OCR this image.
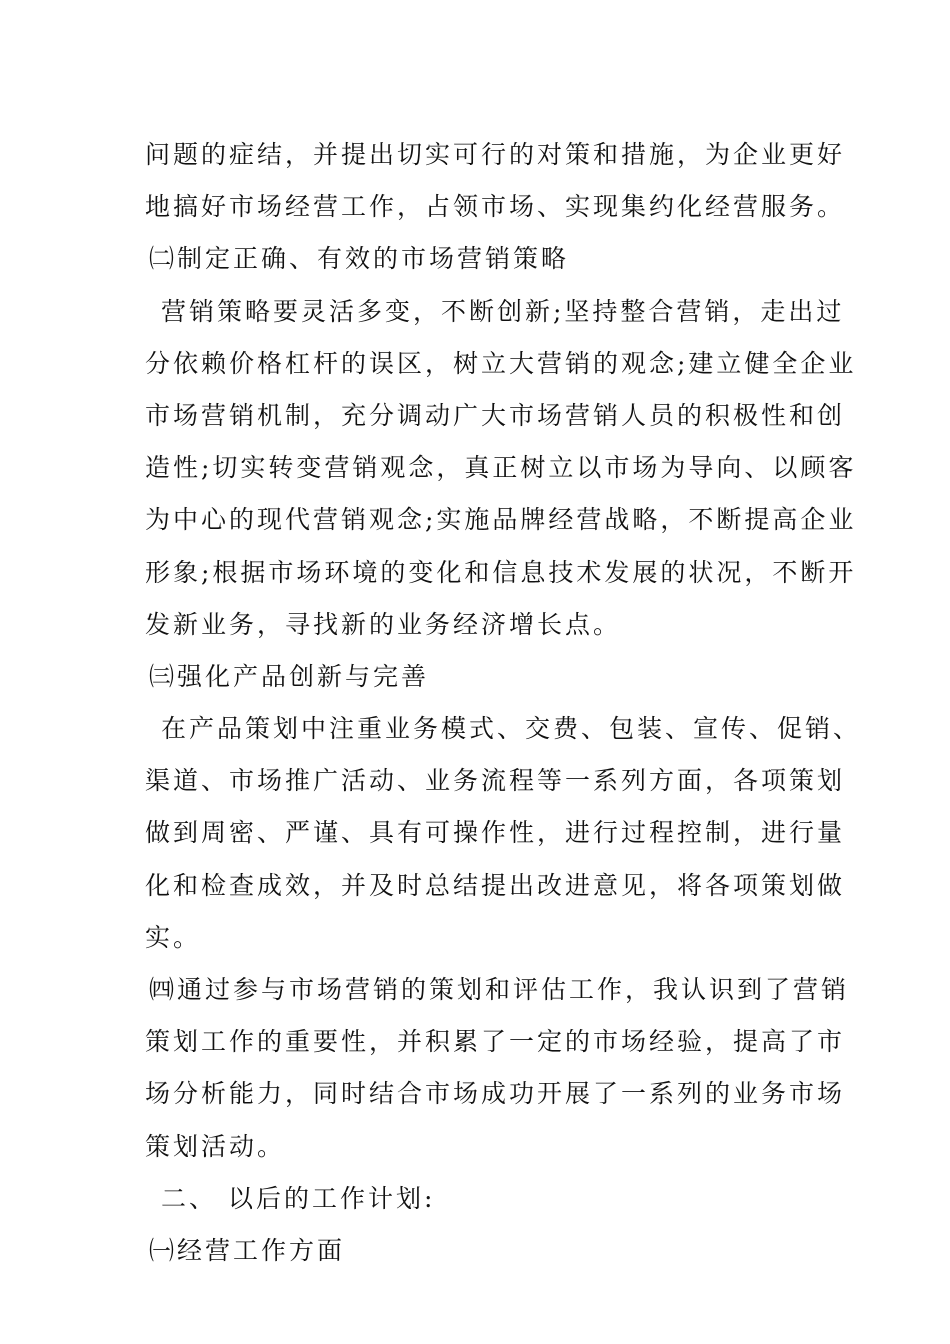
问题的症结，并提出切实可行的对策和措施，为企业更好
地搞好市场经营工作，占领市场、实现集约化经营服务。
㈡制定正确、有效的市场营销策略
营销策略要灵活多变，不断创新;坚持整合营销，走出过
分依赖价格杠杆的误区，树立大营销的观念;建立健全企业
市场营销机制，充分调动广大市场营销人员的积极性和创
造性;切实转变营销观念，真正树立以市场为导向、以顾客
为中心的现代营销观念;实施品牌经营战略，不断提高企业
形象;根据市场环境的变化和信息技术发展的状况，不断开
发新业务，寻找新的业务经济增长点。
㈢强化产品创新与完善
在产品策划中注重业务模式、交费、包装、宣传、促销、
渠道、市场推广活动、业务流程等一系列方面，各项策划
做到周密、严谨、具有可操作性，进行过程控制，进行量
化和检查成效，并及时总结提出改进意见，将各项策划做
实。
㈣通过参与市场营销的策划和评估工作，我认识到了营销
策划工作的重要性，并积累了一定的市场经验，提高了市
场分析能力，同时结合市场成功开展了一系列的业务市场
策划活动。
二、 以后的工作计划:
㈠经营工作方面
